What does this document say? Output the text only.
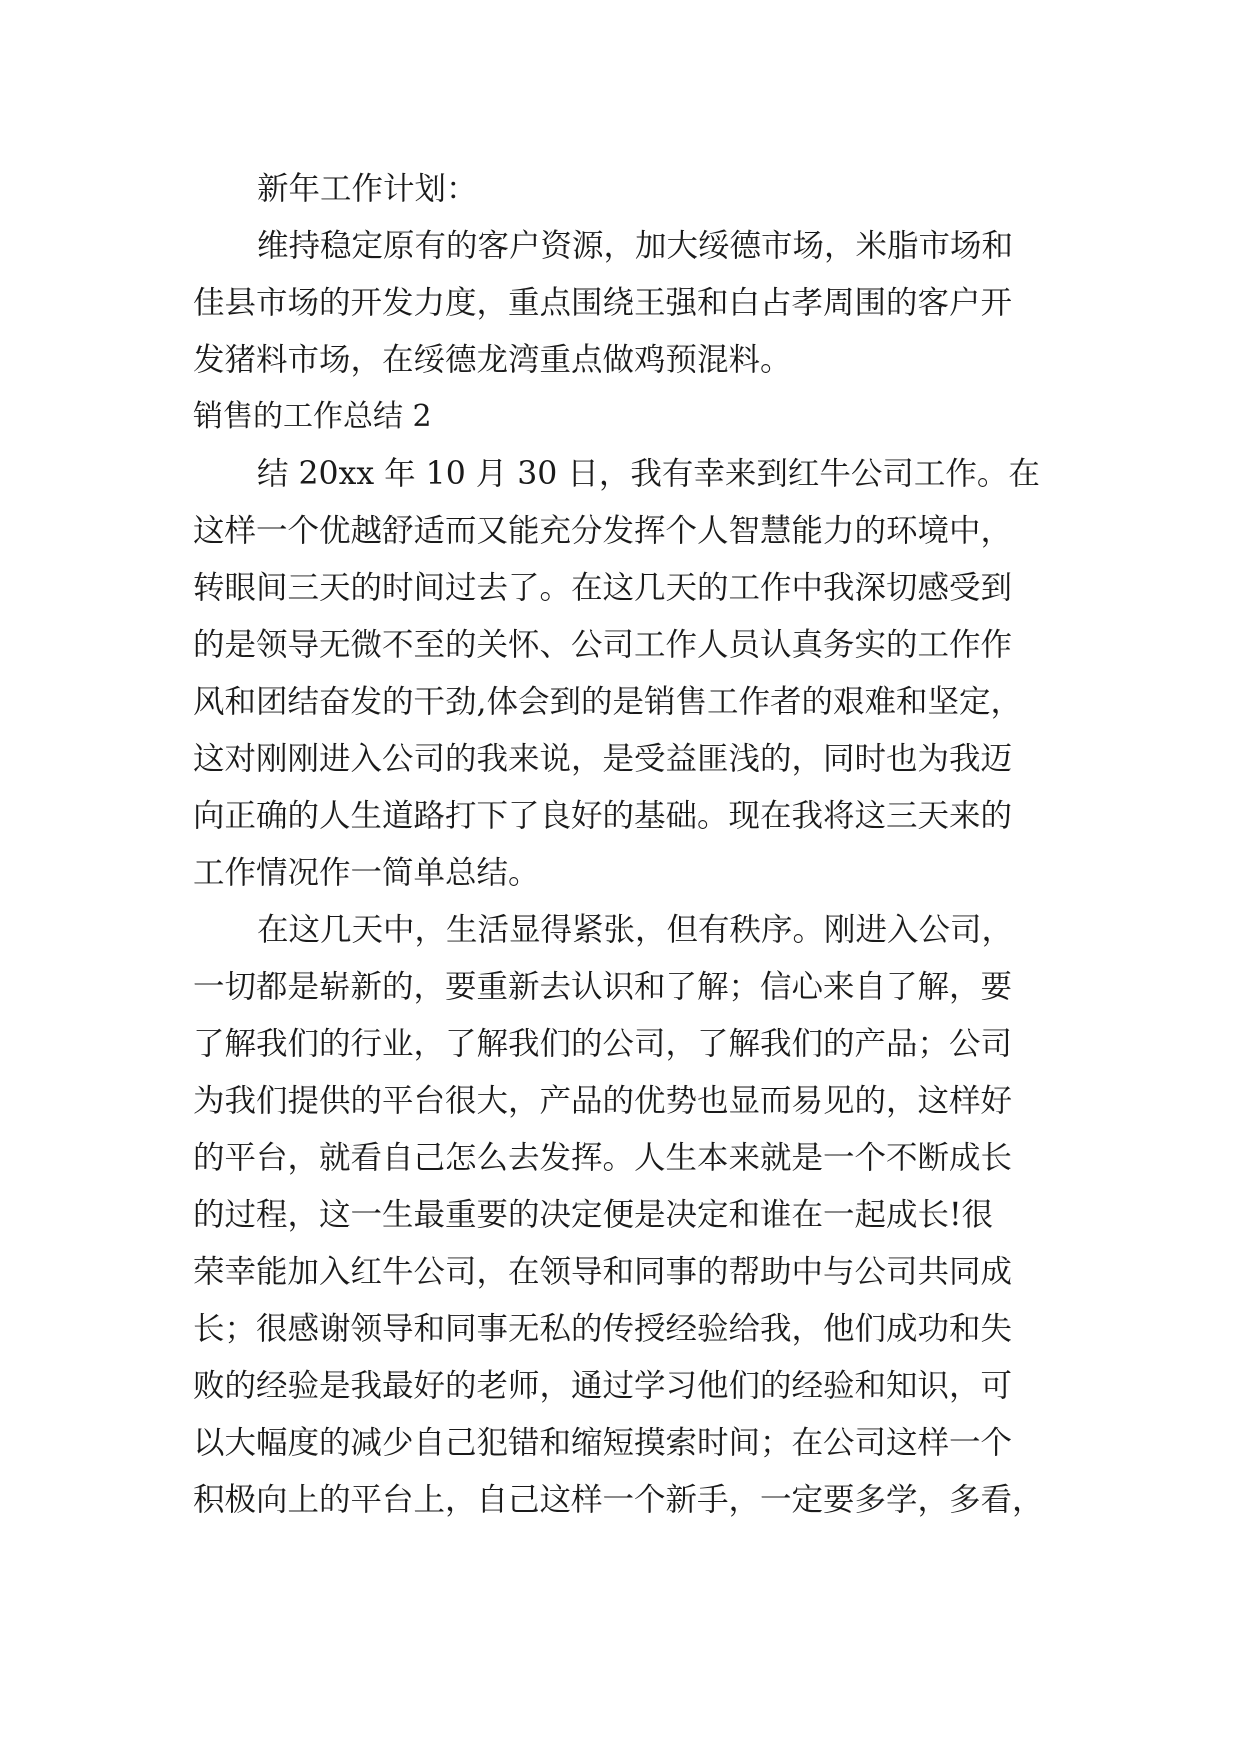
新年工作计划：
维持稳定原有的客户资源，加大绥德市场，米脂市场和
佳县市场的开发力度，重点围绕王强和白占孝周围的客户开
发猪料市场，在绥德龙湾重点做鸡预混料。
销售的工作总结 2
结 20xx 年 10 月 30 日，我有幸来到红牛公司工作。在
这样一个优越舒适而又能充分发挥个人智慧能力的环境中，
转眼间三天的时间过去了。在这几天的工作中我深切感受到
的是领导无微不至的关怀、公司工作人员认真务实的工作作
风和团结奋发的干劲,体会到的是销售工作者的艰难和坚定，
这对刚刚进入公司的我来说，是受益匪浅的，同时也为我迈
向正确的人生道路打下了良好的基础。现在我将这三天来的
工作情况作一简单总结。
在这几天中，生活显得紧张，但有秩序。刚进入公司，
一切都是崭新的，要重新去认识和了解；信心来自了解，要
了解我们的行业，了解我们的公司，了解我们的产品；公司
为我们提供的平台很大，产品的优势也显而易见的，这样好
的平台，就看自己怎么去发挥。人生本来就是一个不断成长
的过程，这一生最重要的决定便是决定和谁在一起成长!很
荣幸能加入红牛公司，在领导和同事的帮助中与公司共同成
长；很感谢领导和同事无私的传授经验给我，他们成功和失
败的经验是我最好的老师，通过学习他们的经验和知识，可
以大幅度的减少自己犯错和缩短摸索时间；在公司这样一个
积极向上的平台上，自己这样一个新手，一定要多学，多看，
